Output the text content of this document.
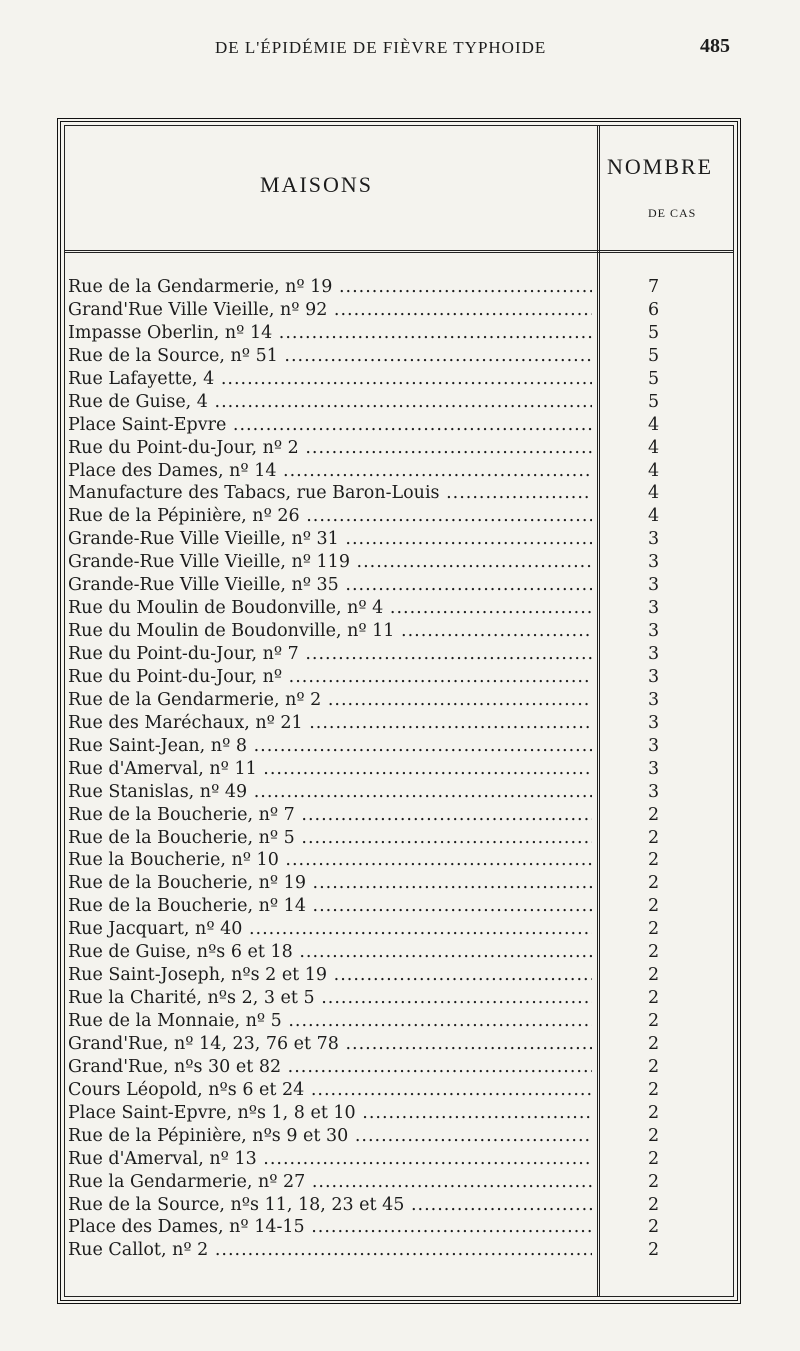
DE L'ÉPIDÉMIE DE FIÈVRE TYPHOIDE	485
MAISONS
NOMBRE
DE CAS
Rue de la Gendarmerie, nº 19 .....	7
Grand'Rue Ville Vieille, nº 92 .....	6
Impasse Oberlin, nº 14 .....	5
Rue de la Source, nº 51 .....	5
Rue Lafayette, 4 .....	5
Rue de Guise, 4 .....	5
Place Saint-Epvre .....	4
Rue du Point-du-Jour, nº 2 .....	4
Place des Dames, nº 14 .....	4
Manufacture des Tabacs, rue Baron-Louis .....	4
Rue de la Pépinière, nº 26 .....	4
Grande-Rue Ville Vieille, nº 31 .....	3
Grande-Rue Ville Vieille, nº 119 .....	3
Grande-Rue Ville Vieille, nº 35 .....	3
Rue du Moulin de Boudonville, nº 4 .....	3
Rue du Moulin de Boudonville, nº 11 .....	3
Rue du Point-du-Jour, nº 7 .....	3
Rue du Point-du-Jour, nº .....	3
Rue de la Gendarmerie, nº 2 .....	3
Rue des Maréchaux, nº 21 .....	3
Rue Saint-Jean, nº 8 .....	3
Rue d'Amerval, nº 11 .....	3
Rue Stanislas, nº 49 .....	3
Rue de la Boucherie, nº 7 .....	2
Rue de la Boucherie, nº 5 .....	2
Rue la Boucherie, nº 10 .....	2
Rue de la Boucherie, nº 19 .....	2
Rue de la Boucherie, nº 14 .....	2
Rue Jacquart, nº 40 .....	2
Rue de Guise, nºs 6 et 18 .....	2
Rue Saint-Joseph, nºs 2 et 19 .....	2
Rue la Charité, nºs 2, 3 et 5 .....	2
Rue de la Monnaie, nº 5 .....	2
Grand'Rue, nº 14, 23, 76 et 78 .....	2
Grand'Rue, nºs 30 et 82 .....	2
Cours Léopold, nºs 6 et 24 .....	2
Place Saint-Epvre, nºs 1, 8 et 10 .....	2
Rue de la Pépinière, nºs 9 et 30 .....	2
Rue d'Amerval, nº 13 .....	2
Rue la Gendarmerie, nº 27 .....	2
Rue de la Source, nºs 11, 18, 23 et 45 .....	2
Place des Dames, nº 14-15 .....	2
Rue Callot, nº 2 .....	2
